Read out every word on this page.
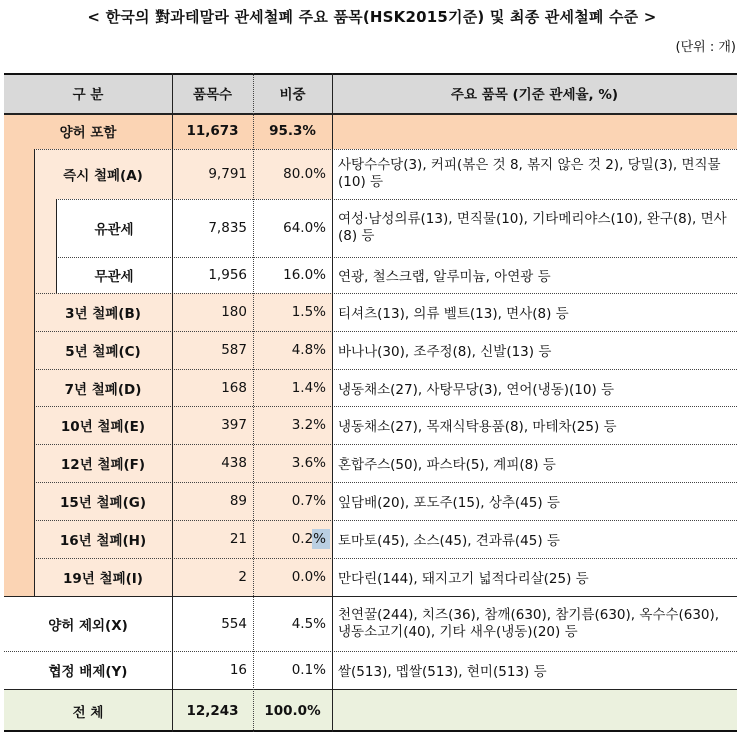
< 한국의 對과테말라 관세철폐 주요 품목(HSK2015기준) 및 최종 관세철폐 수준 >
(단위 : 개)
구 분	품목수	비중	주요 품목 (기준 관세율, %)
양허 포함	11,673	95.3%
즉시 철폐(A)	9,791	80.0%
사탕수수당(3), 커피(볶은 것 8, 볶지 않은 것 2), 당밀(3), 면직물(10) 등
유관세	7,835	64.0%
여성·남성의류(13), 면직물(10), 기타메리야스(10), 완구(8), 면사(8) 등
무관세	1,956	16.0% 연광, 철스크랩, 알루미늄, 아연광 등
3년 철폐(B)	180	1.5% 티셔츠(13), 의류 벨트(13), 면사(8) 등
5년 철폐(C)	587	4.8% 바나나(30), 조주정(8), 신발(13) 등
7년 철폐(D)	168	1.4% 냉동채소(27), 사탕무당(3), 연어(냉동)(10) 등
10년 철폐(E)	397	3.2% 냉동채소(27), 목재식탁용품(8), 마테차(25) 등
12년 철폐(F)	438	3.6% 혼합주스(50), 파스타(5), 계피(8) 등
15년 철폐(G)	89	0.7% 잎담배(20), 포도주(15), 상추(45) 등
16년 철폐(H)	21	0.2% 토마토(45), 소스(45), 견과류(45) 등
19년 철폐(I)	2	0.0% 만다린(144), 돼지고기 넓적다리살(25) 등
양허 제외(X)	554	4.5%
천연꿀(244), 치즈(36), 참깨(630), 참기름(630), 옥수수(630), 냉동소고기(40), 기타 새우(냉동)(20) 등
협정 배제(Y)	16	0.1% 쌀(513), 멥쌀(513), 현미(513) 등
전 체	12,243	100.0%
